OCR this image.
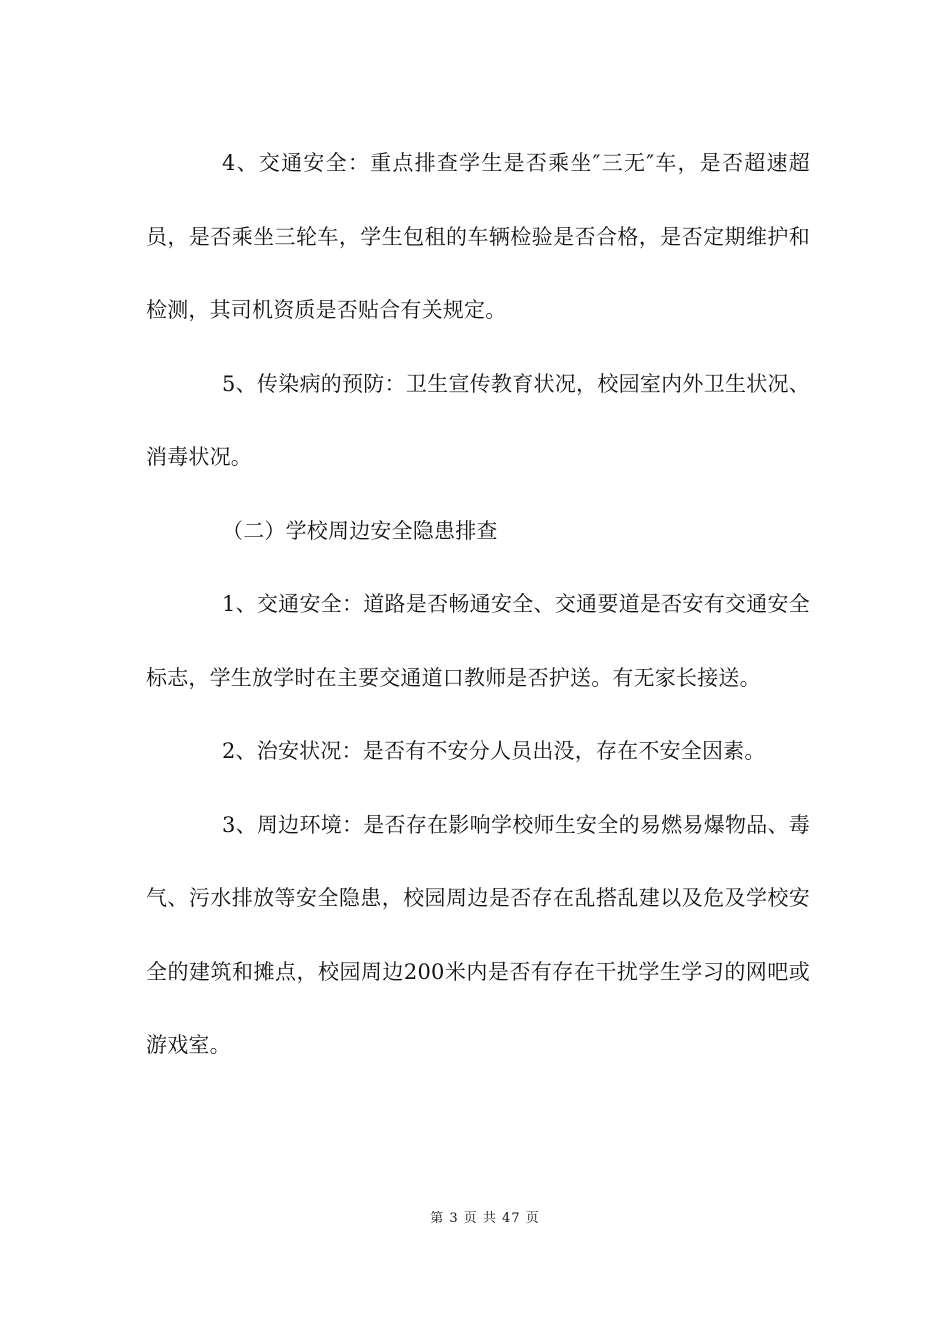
4、交通安全：重点排查学生是否乘坐″三无″车，是否超速超员，是否乘坐三轮车，学生包租的车辆检验是否合格，是否定期维护和检测，其司机资质是否贴合有关规定。

5、传染病的预防：卫生宣传教育状况，校园室内外卫生状况、消毒状况。

（二）学校周边安全隐患排查

1、交通安全：道路是否畅通安全、交通要道是否安有交通安全标志，学生放学时在主要交通道口教师是否护送。有无家长接送。

2、治安状况：是否有不安分人员出没，存在不安全因素。

3、周边环境：是否存在影响学校师生安全的易燃易爆物品、毒气、污水排放等安全隐患，校园周边是否存在乱搭乱建以及危及学校安全的建筑和摊点，校园周边200米内是否有存在干扰学生学习的网吧或游戏室。

第 3 页 共 47 页
